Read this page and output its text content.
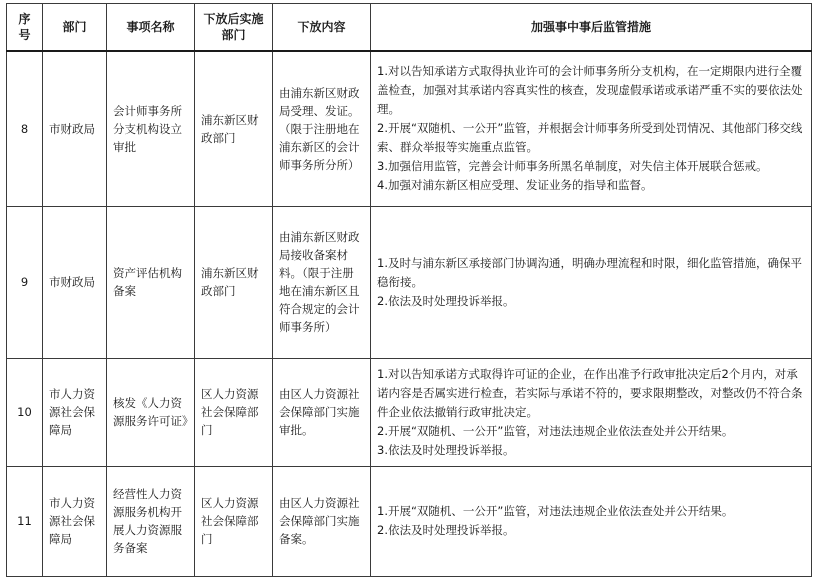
序号	部门	事项名称	下放后实施部门	下放内容	加强事中事后监管措施
8	市财政局	会计师事务所分支机构设立审批	浦东新区财政部门	由浦东新区财政局受理、发证。（限于注册地在浦东新区的会计师事务所分所）	1.对以告知承诺方式取得执业许可的会计师事务所分支机构，在一定期限内进行全覆盖检查，加强对其承诺内容真实性的核查，发现虚假承诺或承诺严重不实的要依法处理。
2.开展“双随机、一公开”监管，并根据会计师事务所受到处罚情况、其他部门移交线索、群众举报等实施重点监管。
3.加强信用监管，完善会计师事务所黑名单制度，对失信主体开展联合惩戒。
4.加强对浦东新区相应受理、发证业务的指导和监督。

9	市财政局	资产评估机构备案	浦东新区财政部门	由浦东新区财政局接收备案材料。（限于注册地在浦东新区且符合规定的会计师事务所）	1.及时与浦东新区承接部门协调沟通，明确办理流程和时限，细化监管措施，确保平稳衔接。
2.依法及时处理投诉举报。

10	市人力资源社会保障局	核发《人力资源服务许可证》	区人力资源社会保障部门	由区人力资源社会保障部门实施审批。	1.对以告知承诺方式取得许可证的企业，在作出准予行政审批决定后2个月内，对承诺内容是否属实进行检查，若实际与承诺不符的，要求限期整改，对整改仍不符合条件企业依法撤销行政审批决定。
2.开展“双随机、一公开”监管，对违法违规企业依法查处并公开结果。
3.依法及时处理投诉举报。

11	市人力资源社会保障局	经营性人力资源服务机构开展人力资源服务备案	区人力资源社会保障部门	由区人力资源社会保障部门实施备案。	1.开展“双随机、一公开”监管，对违法违规企业依法查处并公开结果。
2.依法及时处理投诉举报。
